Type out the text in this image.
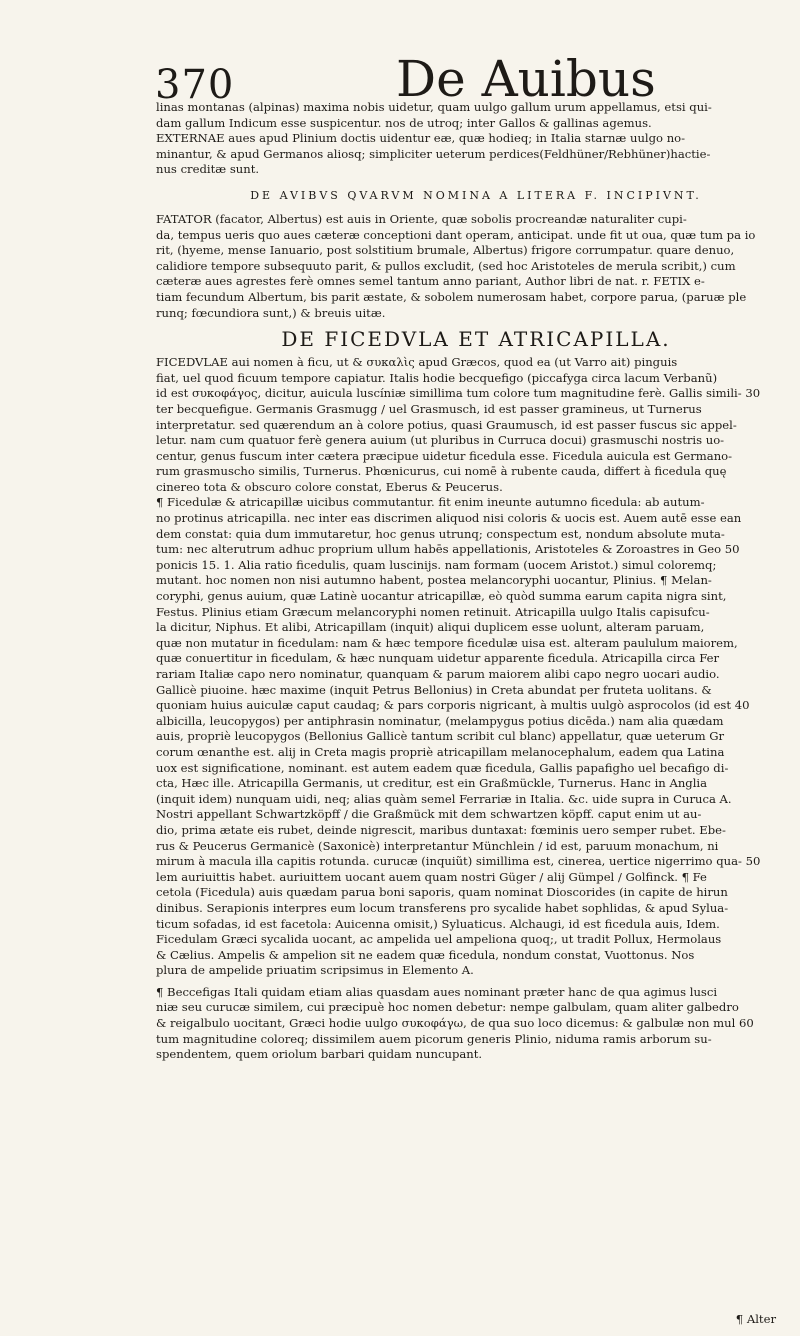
370	De Auibus
linas montanas (alpinas) maxima nobis uidetur, quam uulgo gallum urum appellamus, etsi qui-
dam gallum Indicum esse suspicentur. nos de utroq; inter Gallos & gallinas agemus.
EXTERNAE aues apud Plinium doctis uidentur eæ, quæ hodieq; in Italia starnæ uulgo no-
minantur, & apud Germanos aliosq; simpliciter ueterum perdices(Feldhüner/Rebhüner)hactie-
nus creditæ sunt.
DE AVIBVS QVARVM NOMINA A LITERA F. INCIPIVNT.
FATATOR (facator, Albertus) est auis in Oriente, quæ sobolis procreandæ naturaliter cupi-
da, tempus ueris quo aues cæteræ conceptioni dant operam, anticipat. unde fit ut oua, quæ tum pa io
rit, (hyeme, mense Ianuario, post solstitium brumale, Albertus) frigore corrumpatur. quare denuo,
calidiore tempore subsequuto parit, & pullos excludit, (sed hoc Aristoteles de merula scribit,) cum
cæteræ aues agrestes ferè omnes semel tantum anno pariant, Author libri de nat. r. FETIX e-
tiam fecundum Albertum, bis parit æstate, & sobolem numerosam habet, corpore parua, (paruæ ple
runq; fœcundiora sunt,) & breuis uitæ.
DE FICEDVLA ET ATRICAPILLA.
FICEDVLAE aui nomen à ficu, ut & συκαλὶς apud Græcos, quod ea (ut Varro ait) pinguis
fiat, uel quod ficuum tempore capiatur. Italis hodie becquefigo (piccafyga circa lacum Verbanũ)
id est συκοφάγος, dicitur, auicula luscíniæ simillima tum colore tum magnitudine ferè. Gallis simili- 30
ter becquefigue. Germanis Grasmugg / uel Grasmusch, id est passer gramineus, ut Turnerus
interpretatur. sed quærendum an à colore potius, quasi Graumusch, id est passer fuscus sic appel-
letur. nam cum quatuor ferè genera auium (ut pluribus in Curruca docui) grasmuschi nostris uo-
centur, genus fuscum inter cætera præcipue uidetur ficedula esse. Ficedula auicula est Germano-
rum grasmuscho similis, Turnerus. Phœnicurus, cui nomē à rubente cauda, differt à ficedula quę
cinereo tota & obscuro colore constat, Eberus & Peucerus.
¶ Ficedulæ & atricapillæ uicibus commutantur. fit enim ineunte autumno ficedula: ab autum-
no protinus atricapilla. nec inter eas discrimen aliquod nisi coloris & uocis est. Auem autē esse ean
dem constat: quia dum immutaretur, hoc genus utrunq; conspectum est, nondum absolute muta-
tum: nec alterutrum adhuc proprium ullum habēs appellationis, Aristoteles & Zoroastres in Geo 50
ponicis 15. 1. Alia ratio ficedulis, quam luscinijs. nam formam (uocem Aristot.) simul coloremq;
mutant. hoc nomen non nisi autumno habent, postea melancoryphi uocantur, Plinius. ¶ Melan-
coryphi, genus auium, quæ Latinè uocantur atricapillæ, eò quòd summa earum capita nigra sint,
Festus. Plinius etiam Græcum melancoryphi nomen retinuit. Atricapilla uulgo Italis capisufcu-
la dicitur, Niphus. Et alibi, Atricapillam (inquit) aliqui duplicem esse uolunt, alteram paruam,
quæ non mutatur in ficedulam: nam & hæc tempore ficedulæ uisa est. alteram paululum maiorem,
quæ conuertitur in ficedulam, & hæc nunquam uidetur apparente ficedula. Atricapilla circa Fer
rariam Italiæ capo nero nominatur, quanquam & parum maiorem alibi capo negro uocari audio.
Gallicè piuoine. hæc maxime (inquit Petrus Bellonius) in Creta abundat per fruteta uolitans. &
quoniam huius auiculæ caput caudaq; & pars corporis nigricant, à multis uulgò asprocolos (id est 40
albicilla, leucopygos) per antiphrasin nominatur, (melampygus potius dicēda.) nam alia quædam
auis, propriè leucopygos (Bellonius Gallicè tantum scribit cul blanc) appellatur, quæ ueterum Gr
corum œnanthe est. alij in Creta magis propriè atricapillam melanocephalum, eadem qua Latina
uox est significatione, nominant. est autem eadem quæ ficedula, Gallis papafigho uel becafigo di-
cta, Hæc ille. Atricapilla Germanis, ut creditur, est ein Graßmückle, Turnerus. Hanc in Anglia
(inquit idem) nunquam uidi, neq; alias quàm semel Ferrariæ in Italia. &c. uide supra in Curuca A.
Nostri appellant Schwartzköpff / die Graßmück mit dem schwartzen köpff. caput enim ut au-
dio, prima ætate eis rubet, deinde nigrescit, maribus duntaxat: fœminis uero semper rubet. Ebe-
rus & Peucerus Germanicè (Saxonicè) interpretantur Münchlein / id est, paruum monachum, ni
mirum à macula illa capitis rotunda. curucæ (inquiũt) simillima est, cinerea, uertice nigerrimo qua- 50
lem auriuittis habet. auriuittem uocant auem quam nostri Güger / alij Gümpel / Golfinck. ¶ Fe
cetola (Ficedula) auis quædam parua boni saporis, quam nominat Dioscorides (in capite de hirun
dinibus. Serapionis interpres eum locum transferens pro sycalide habet sophlidas, & apud Sylua-
ticum sofadas, id est facetola: Auicenna omisit,) Syluaticus. Alchaugi, id est ficedula auis, Idem.
Ficedulam Græci sycalida uocant, ac ampelida uel ampeliona quoq;, ut tradit Pollux, Hermolaus
& Cælius. Ampelis & ampelion sit ne eadem quæ ficedula, nondum constat, Vuottonus. Nos
plura de ampelide priuatim scripsimus in Elemento A.
¶ Beccefigas Itali quidam etiam alias quasdam aues nominant præter hanc de qua agimus lusci
niæ seu curucæ similem, cui præcipuè hoc nomen debetur: nempe galbulam, quam aliter galbedro
& reigalbulo uocitant, Græci hodie uulgo συκοφάγω, de qua suo loco dicemus: & galbulæ non mul 60
tum magnitudine coloreq; dissimilem auem picorum generis Plinio, niduma ramis arborum su-
spendentem, quem oriolum barbari quidam nuncupant.
¶ Alter
